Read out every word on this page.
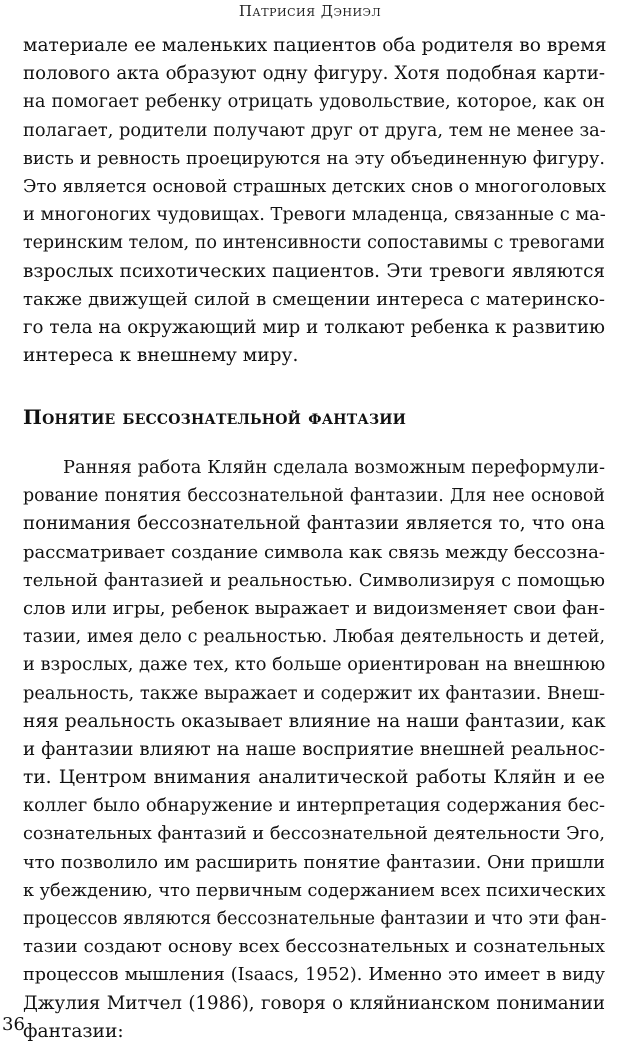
Патрисия Дэниэл
материале ее маленьких пациентов оба родителя во время
полового акта образуют одну фигуру. Хотя подобная карти-
на помогает ребенку отрицать удовольствие, которое, как он
полагает, родители получают друг от друга, тем не менее за-
висть и ревность проецируются на эту объединенную фигуру.
Это является основой страшных детских снов о многоголовых
и многоногих чудовищах. Тревоги младенца, связанные с ма-
теринским телом, по интенсивности сопоставимы с тревогами
взрослых психотических пациентов. Эти тревоги являются
также движущей силой в смещении интереса с материнско-
го тела на окружающий мир и толкают ребенка к развитию
интереса к внешнему миру.
Понятие бессознательной фантазии
Ранняя работа Кляйн сделала возможным переформули-
рование понятия бессознательной фантазии. Для нее основой
понимания бессознательной фантазии является то, что она
рассматривает создание символа как связь между бессозна-
тельной фантазией и реальностью. Символизируя с помощью
слов или игры, ребенок выражает и видоизменяет свои фан-
тазии, имея дело с реальностью. Любая деятельность и детей,
и взрослых, даже тех, кто больше ориентирован на внешнюю
реальность, также выражает и содержит их фантазии. Внеш-
няя реальность оказывает влияние на наши фантазии, как
и фантазии влияют на наше восприятие внешней реальнос-
ти. Центром внимания аналитической работы Кляйн и ее
коллег было обнаружение и интерпретация содержания бес-
сознательных фантазий и бессознательной деятельности Эго,
что позволило им расширить понятие фантазии. Они пришли
к убеждению, что первичным содержанием всех психических
процессов являются бессознательные фантазии и что эти фан-
тазии создают основу всех бессознательных и сознательных
процессов мышления (Isaacs, 1952). Именно это имеет в виду
Джулия Митчел (1986), говоря о кляйнианском понимании
фантазии:
36
